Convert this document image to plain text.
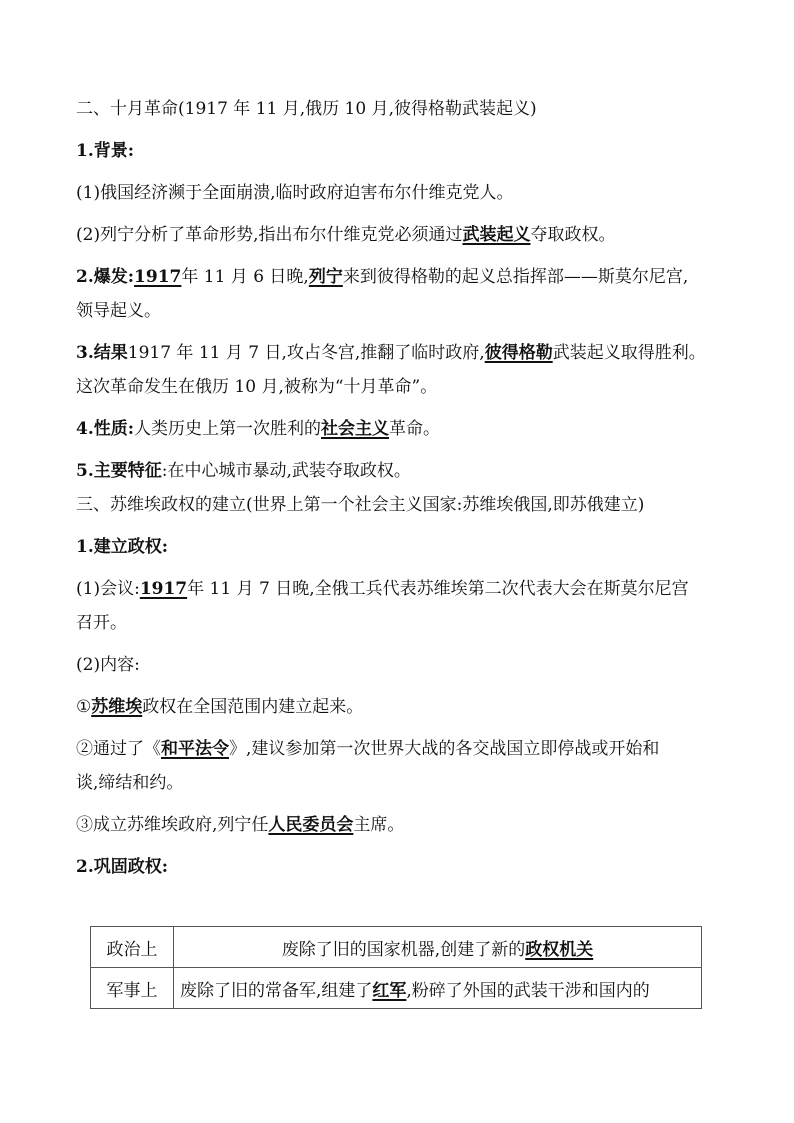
二、十月革命(1917 年 11 月,俄历 10 月,彼得格勒武装起义)
1.背景:
(1)俄国经济濒于全面崩溃,临时政府迫害布尔什维克党人。
(2)列宁分析了革命形势,指出布尔什维克党必须通过武装起义夺取政权。
2.爆发:1917年 11 月 6 日晚,列宁来到彼得格勒的起义总指挥部——斯莫尔尼宫,
领导起义。
3.结果1917 年 11 月 7 日,攻占冬宫,推翻了临时政府,彼得格勒武装起义取得胜利。
这次革命发生在俄历 10 月,被称为“十月革命”。
4.性质:人类历史上第一次胜利的社会主义革命。
5.主要特征:在中心城市暴动,武装夺取政权。
三、苏维埃政权的建立(世界上第一个社会主义国家:苏维埃俄国,即苏俄建立)
1.建立政权:
(1)会议:1917年 11 月 7 日晚,全俄工兵代表苏维埃第二次代表大会在斯莫尔尼宫
召开。
(2)内容:
①苏维埃政权在全国范围内建立起来。
②通过了《和平法令》,建议参加第一次世界大战的各交战国立即停战或开始和
谈,缔结和约。
③成立苏维埃政府,列宁任人民委员会主席。
2.巩固政权:
政治上	废除了旧的国家机器,创建了新的政权机关
军事上	废除了旧的常备军,组建了红军,粉碎了外国的武装干涉和国内的
